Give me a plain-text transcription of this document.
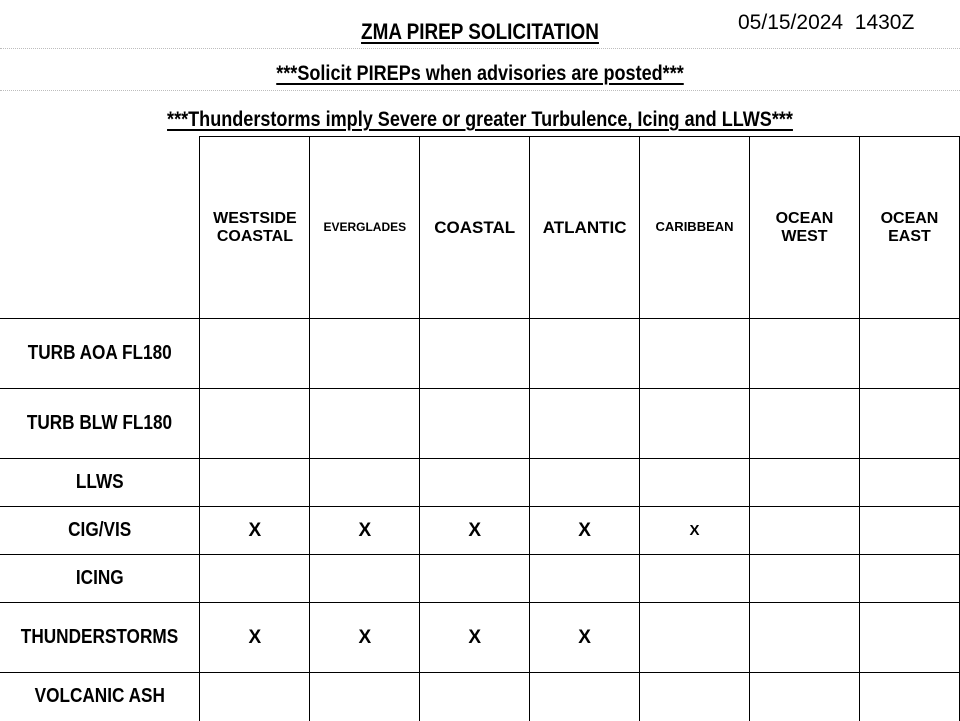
ZMA PIREP SOLICITATION	05/15/2024  1430Z
***Solicit PIREPs when advisories are posted***
***Thunderstorms imply Severe or greater Turbulence, Icing and LLWS***
	WESTSIDE COASTAL	EVERGLADES	COASTAL	ATLANTIC	CARIBBEAN	OCEAN WEST	OCEAN EAST
TURB AOA FL180							
TURB BLW FL180							
LLWS							
CIG/VIS	X	X	X	X	X		
ICING							
THUNDERSTORMS	X	X	X	X			
VOLCANIC ASH							
